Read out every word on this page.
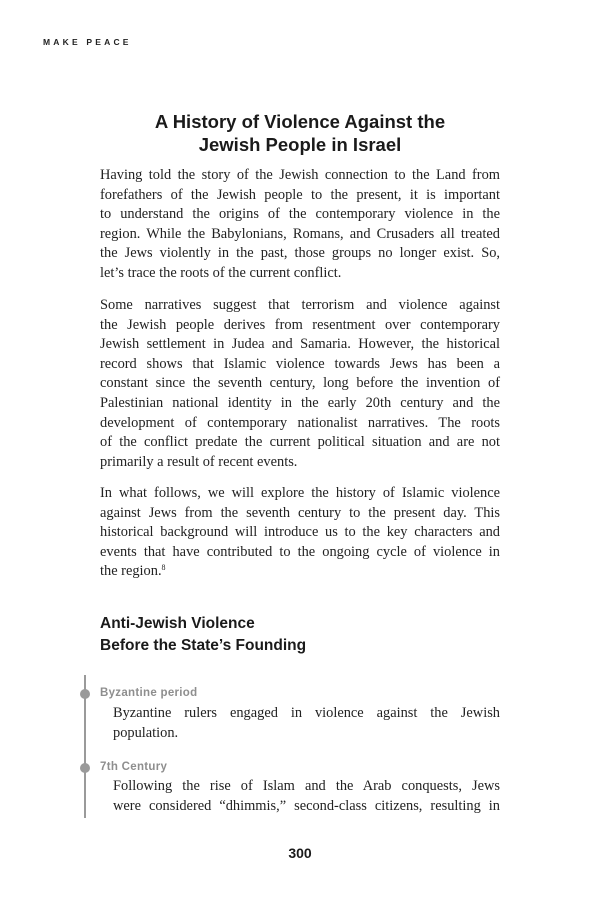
MAKE PEACE
A History of Violence Against the
Jewish People in Israel

Having told the story of the Jewish connection to the Land from
forefathers of the Jewish people to the present, it is important
to understand the origins of the contemporary violence in the
region. While the Babylonians, Romans, and Crusaders all treated
the Jews violently in the past, those groups no longer exist. So,
let’s trace the roots of the current conflict.

Some narratives suggest that terrorism and violence against
the Jewish people derives from resentment over contemporary
Jewish settlement in Judea and Samaria. However, the historical
record shows that Islamic violence towards Jews has been a
constant since the seventh century, long before the invention of
Palestinian national identity in the early 20th century and the
development of contemporary nationalist narratives. The roots
of the conflict predate the current political situation and are not
primarily a result of recent events.

In what follows, we will explore the history of Islamic violence
against Jews from the seventh century to the present day. This
historical background will introduce us to the key characters and
events that have contributed to the ongoing cycle of violence in
the region.$^8$

Anti-Jewish Violence
Before the State’s Founding
Byzantine period

Byzantine rulers engaged in violence against the Jewish
population.

7th Century

Following the rise of Islam and the Arab conquests, Jews
were considered “dhimmis,” second-class citizens, resulting in

300
